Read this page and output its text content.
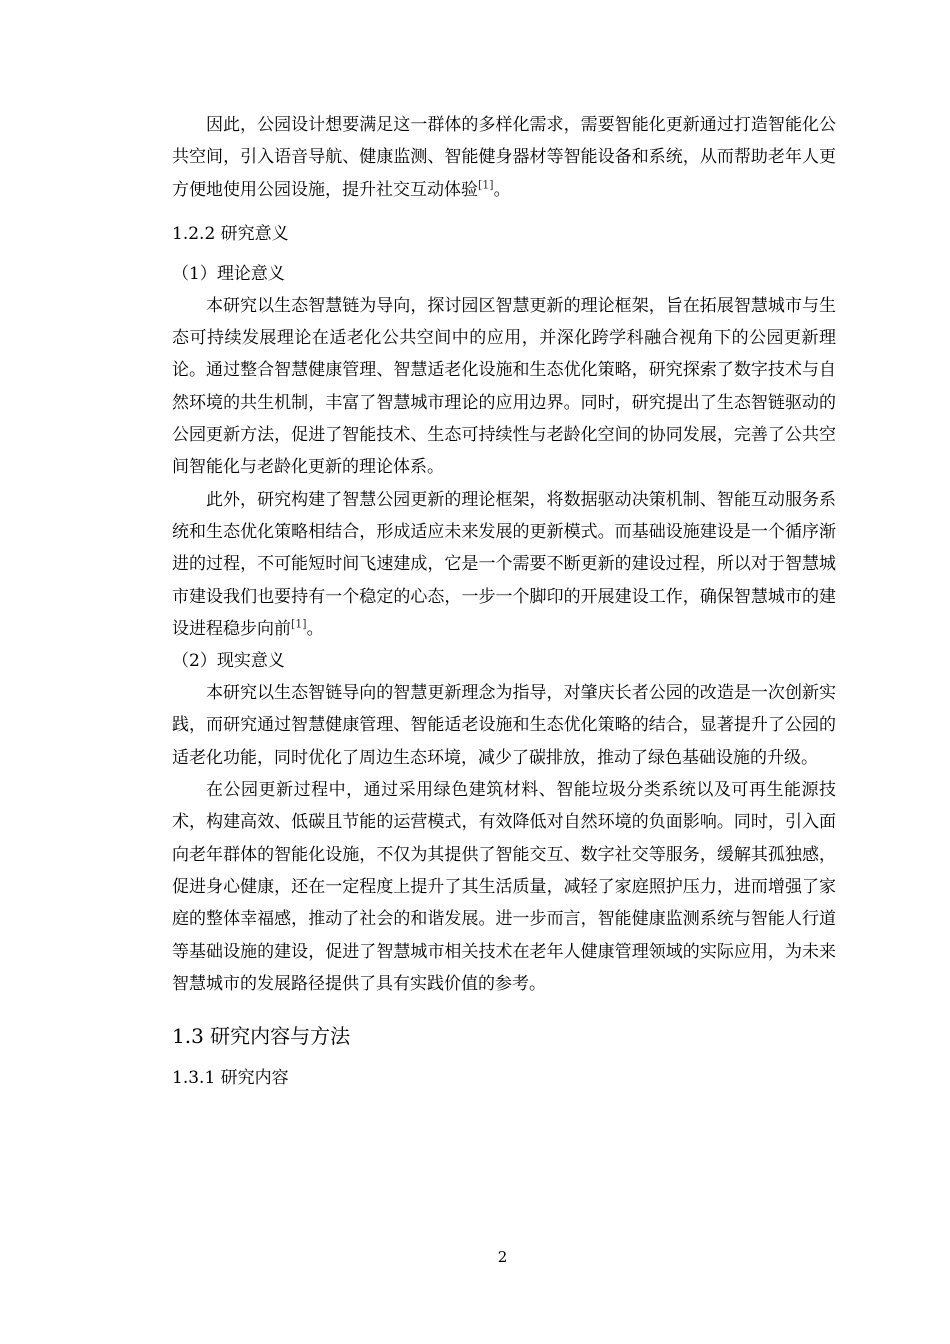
因此，公园设计想要满足这一群体的多样化需求，需要智能化更新通过打造智能化公共空间，引入语音导航、健康监测、智能健身器材等智能设备和系统，从而帮助老年人更方便地使用公园设施，提升社交互动体验[1]。

1.2.2 研究意义
（1）理论意义

本研究以生态智慧链为导向，探讨园区智慧更新的理论框架，旨在拓展智慧城市与生态可持续发展理论在适老化公共空间中的应用，并深化跨学科融合视角下的公园更新理论。通过整合智慧健康管理、智慧适老化设施和生态优化策略，研究探索了数字技术与自然环境的共生机制，丰富了智慧城市理论的应用边界。同时，研究提出了生态智链驱动的公园更新方法，促进了智能技术、生态可持续性与老龄化空间的协同发展，完善了公共空间智能化与老龄化更新的理论体系。

此外，研究构建了智慧公园更新的理论框架，将数据驱动决策机制、智能互动服务系统和生态优化策略相结合，形成适应未来发展的更新模式。而基础设施建设是一个循序渐进的过程，不可能短时间飞速建成，它是一个需要不断更新的建设过程，所以对于智慧城市建设我们也要持有一个稳定的心态，一步一个脚印的开展建设工作，确保智慧城市的建设进程稳步向前[1]。

（2）现实意义

本研究以生态智链导向的智慧更新理念为指导，对肇庆长者公园的改造是一次创新实践，而研究通过智慧健康管理、智能适老设施和生态优化策略的结合，显著提升了公园的适老化功能，同时优化了周边生态环境，减少了碳排放，推动了绿色基础设施的升级。

在公园更新过程中，通过采用绿色建筑材料、智能垃圾分类系统以及可再生能源技术，构建高效、低碳且节能的运营模式，有效降低对自然环境的负面影响。同时，引入面向老年群体的智能化设施，不仅为其提供了智能交互、数字社交等服务，缓解其孤独感，促进身心健康，还在一定程度上提升了其生活质量，减轻了家庭照护压力，进而增强了家庭的整体幸福感，推动了社会的和谐发展。进一步而言，智能健康监测系统与智能人行道等基础设施的建设，促进了智慧城市相关技术在老年人健康管理领域的实际应用，为未来智慧城市的发展路径提供了具有实践价值的参考。

1.3 研究内容与方法
1.3.1 研究内容
2
